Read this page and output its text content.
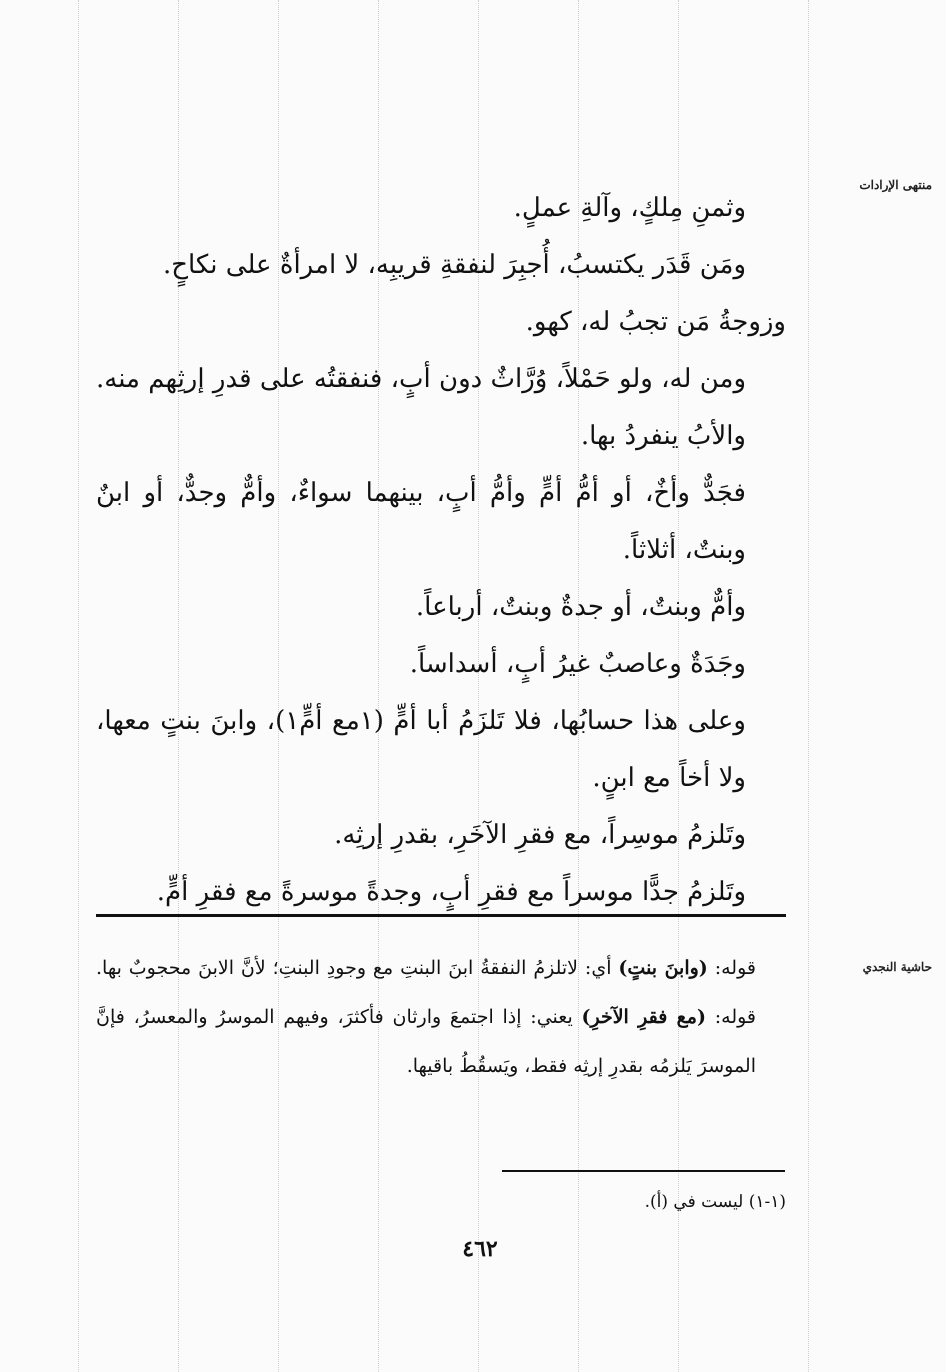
منتهى الإرادات
حاشية النجدي

وثمنِ مِلكٍ، وآلةِ عملٍ.

ومَن قَدَر يكتسبُ، أُجبِرَ لنفقةِ قريبِه، لا امرأةٌ على نكاحٍ.

وزوجةُ مَن تجبُ له، كهو.

ومن له، ولو حَمْلاً، وُرَّاثٌ دون أبٍ، فنفقتُه على قدرِ إرثِهم منه. والأبُ ينفردُ بها.

فجَدٌّ وأخٌ، أو أمُّ أمٍّ وأمُّ أبٍ، بينهما سواءٌ، وأمٌّ وجدٌّ، أو ابنٌ وبنتٌ، أثلاثاً.

وأمٌّ وبنتٌ، أو جدةٌ وبنتٌ، أرباعاً.

وجَدَةٌ وعاصبٌ غيرُ أبٍ، أسداساً.

وعلى هذا حسابُها، فلا تَلزَمُ أبا أمٍّ (١مع أمٍّ١)، وابنَ بنتٍ معها، ولا أخاً مع ابنٍ.

وتَلزمُ موسِراً، مع فقرِ الآخَرِ، بقدرِ إرثِه.

وتَلزمُ جدًّا موسراً مع فقرِ أبٍ، وجدةً موسرةً مع فقرِ أمٍّ.

قوله: (وابنَ بنتٍ) أي: لاتلزمُ النفقةُ ابنَ البنتِ مع وجودِ البنتِ؛ لأنَّ الابنَ محجوبٌ بها. قوله: (مع فقرِ الآخرِ) يعني: إذا اجتمعَ وارثان فأكثرَ، وفيهم الموسرُ والمعسرُ، فإنَّ الموسرَ يَلزمُه بقدرِ إرثِه فقط، ويَسقُطُ باقيها.

(١-١) ليست في (أ).
٤٦٢
